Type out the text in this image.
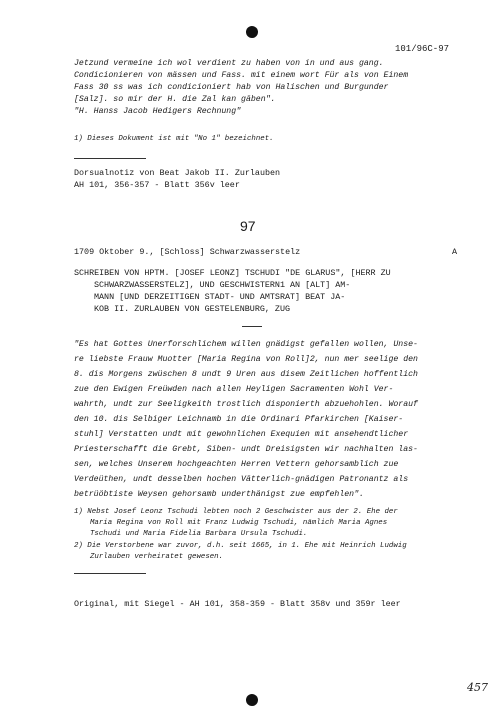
101/96C-97
Jetzund vermeine ich wol verdient zu haben von in und aus gang.
Condicionieren von mässen und Fass. mit einem wort Für als von Einem
Fass 30 ss was ich condicioniert hab von Halischen und Burgunder
[Salz]. so mir der H. die Zal kan gäben".
"H. Hanss Jacob Hedigers Rechnung"
1) Dieses Dokument ist mit "No 1" bezeichnet.
Dorsualnotiz von Beat Jakob II. Zurlauben
AH 101, 356-357 - Blatt 356v leer
97
1709 Oktober 9., [Schloss] Schwarzwasserstelz	A
SCHREIBEN VON HPTM. [JOSEF LEONZ] TSCHUDI "DE GLARUS", [HERR ZU
SCHWARZWASSERSTELZ], UND GESCHWISTERN1 AN [ALT] AM-
MANN [UND DERZEITIGEN STADT- UND AMTSRAT] BEAT JA-
KOB II. ZURLAUBEN VON GESTELENBURG, ZUG
"Es hat Gottes Unerforschlichem willen gnädigst gefallen wollen, Unse-
re liebste Frauw Muotter [Maria Regina von Roll]2, nun mer seelige den
8. dis Morgens zwüschen 8 undt 9 Uren aus disem Zeitlichen hoffentlich
zue den Ewigen Freüwden nach allen Heyligen Sacramenten Wohl Ver-
wahrth, undt zur Seeligkeith trostlich disponierth abzuehohlen. Worauf
den 10. dis Selbiger Leichnamb in die Ordinari Pfarkirchen [Kaiser-
stuhl] Verstatten undt mit gewohnlichen Exequien mit ansehendtlicher
Priesterschafft die Grebt, Siben- undt Dreisigsten wir nachhalten las-
sen, welches Unserem hochgeachten Herren Vettern gehorsamblich zue
Verdeüthen, undt desselben hochen Vätterlich-gnädigen Patronantz als
betrüöbtiste Weysen gehorsamb underthänigst zue empfehlen".
1) Nebst Josef Leonz Tschudi lebten noch 2 Geschwister aus der 2. Ehe der
Maria Regina von Roll mit Franz Ludwig Tschudi, nämlich Maria Agnes
Tschudi und Maria Fidelia Barbara Ursula Tschudi.
2) Die Verstorbene war zuvor, d.h. seit 1665, in 1. Ehe mit Heinrich Ludwig
Zurlauben verheiratet gewesen.
Original, mit Siegel - AH 101, 358-359 - Blatt 358v und 359r leer
457
